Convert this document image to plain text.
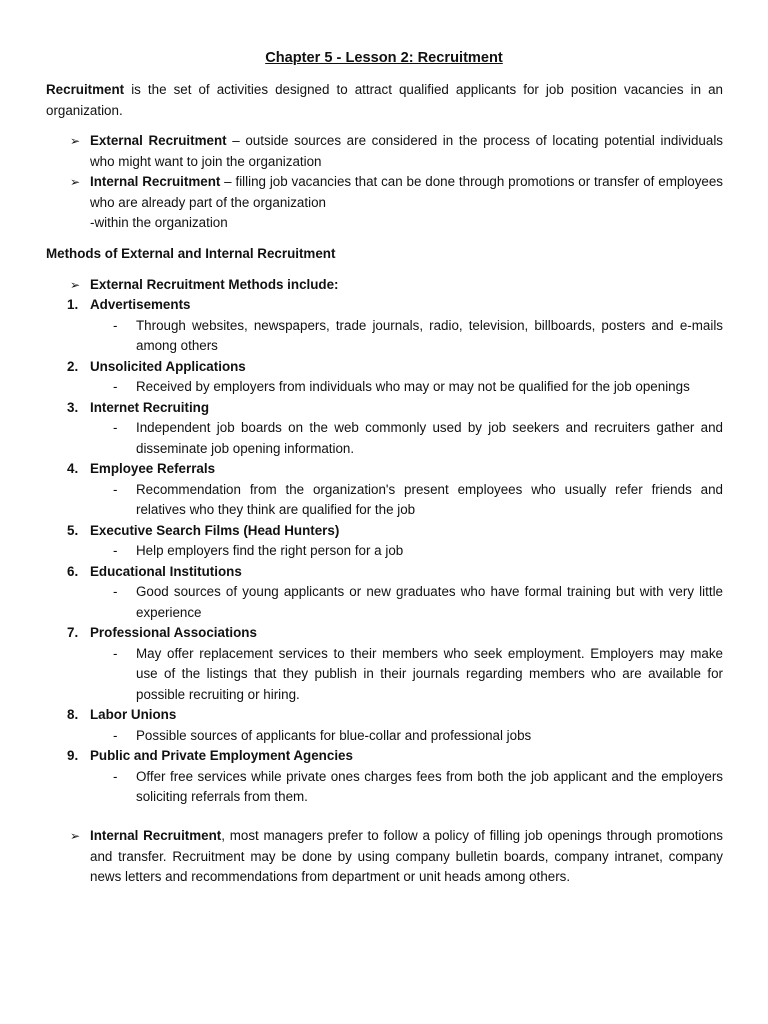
Chapter 5 - Lesson 2: Recruitment
Recruitment is the set of activities designed to attract qualified applicants for job position vacancies in an organization.
➢ External Recruitment – outside sources are considered in the process of locating potential individuals who might want to join the organization
➢ Internal Recruitment – filling job vacancies that can be done through promotions or transfer of employees who are already part of the organization
-within the organization
Methods of External and Internal Recruitment
➢ External Recruitment Methods include:
1. Advertisements
-	Through websites, newspapers, trade journals, radio, television, billboards, posters and e-mails among others
2. Unsolicited Applications
-	Received by employers from individuals who may or may not be qualified for the job openings
3. Internet Recruiting
-	Independent job boards on the web commonly used by job seekers and recruiters gather and disseminate job opening information.
4. Employee Referrals
-	Recommendation from the organization's present employees who usually refer friends and relatives who they think are qualified for the job
5. Executive Search Films (Head Hunters)
-	Help employers find the right person for a job
6. Educational Institutions
-	Good sources of young applicants or new graduates who have formal training but with very little experience
7. Professional Associations
-	May offer replacement services to their members who seek employment. Employers may make use of the listings that they publish in their journals regarding members who are available for possible recruiting or hiring.
8. Labor Unions
-	Possible sources of applicants for blue-collar and professional jobs
9. Public and Private Employment Agencies
-	Offer free services while private ones charges fees from both the job applicant and the employers soliciting referrals from them.
➢ Internal Recruitment, most managers prefer to follow a policy of filling job openings through promotions and transfer. Recruitment may be done by using company bulletin boards, company intranet, company news letters and recommendations from department or unit heads among others.
